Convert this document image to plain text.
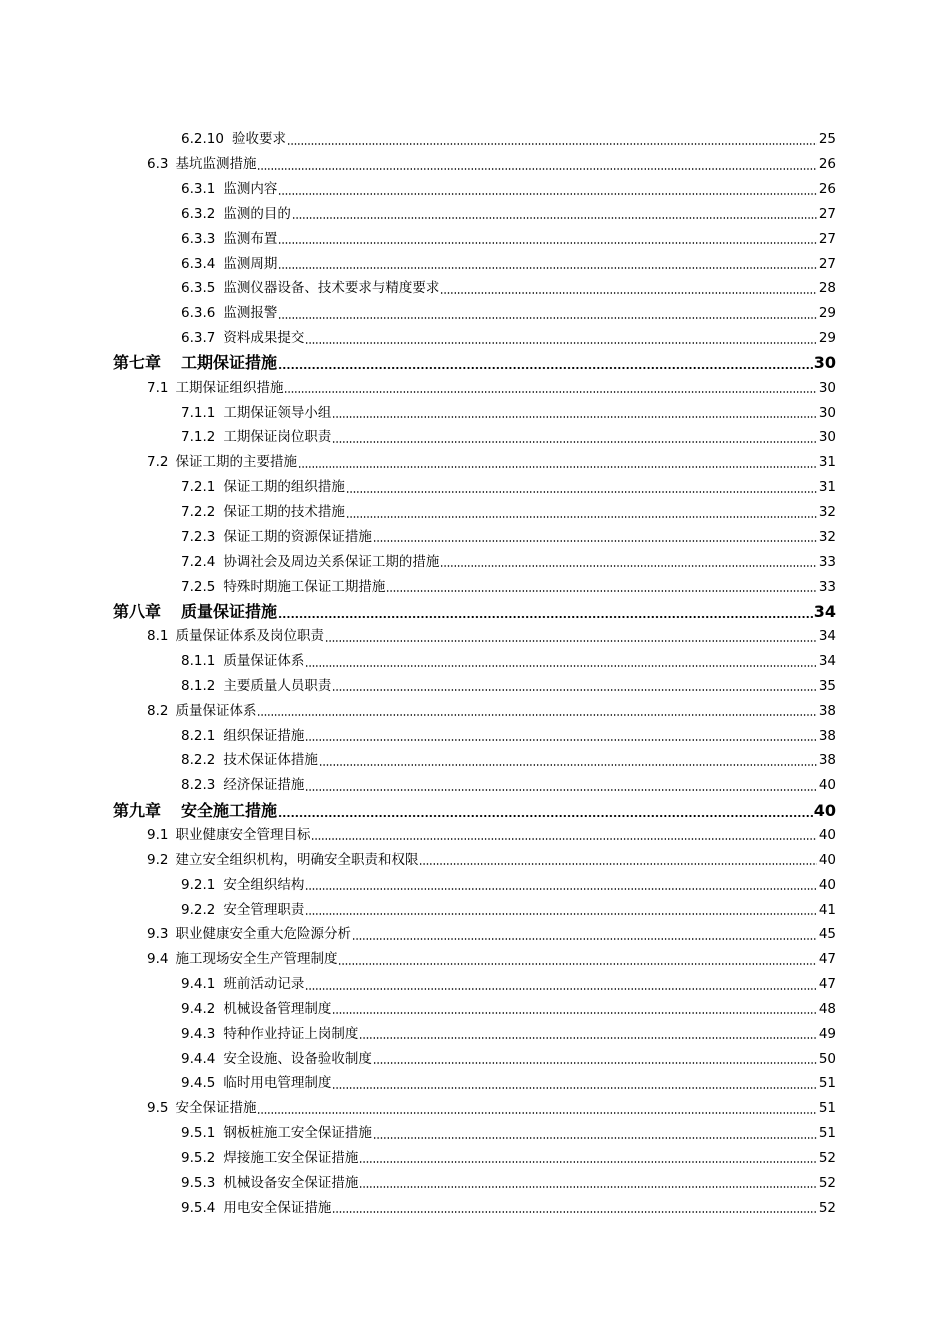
6.2.10 验收要求	25
6.3 基坑监测措施	26
6.3.1 监测内容	26
6.3.2 监测的目的	27
6.3.3 监测布置	27
6.3.4 监测周期	27
6.3.5 监测仪器设备、技术要求与精度要求	28
6.3.6 监测报警	29
6.3.7 资料成果提交	29
第七章 工期保证措施	30
7.1 工期保证组织措施	30
7.1.1 工期保证领导小组	30
7.1.2 工期保证岗位职责	30
7.2 保证工期的主要措施	31
7.2.1 保证工期的组织措施	31
7.2.2 保证工期的技术措施	32
7.2.3 保证工期的资源保证措施	32
7.2.4 协调社会及周边关系保证工期的措施	33
7.2.5 特殊时期施工保证工期措施	33
第八章 质量保证措施	34
8.1 质量保证体系及岗位职责	34
8.1.1 质量保证体系	34
8.1.2 主要质量人员职责	35
8.2 质量保证体系	38
8.2.1 组织保证措施	38
8.2.2 技术保证体措施	38
8.2.3 经济保证措施	40
第九章 安全施工措施	40
9.1 职业健康安全管理目标	40
9.2 建立安全组织机构，明确安全职责和权限	40
9.2.1 安全组织结构	40
9.2.2 安全管理职责	41
9.3 职业健康安全重大危险源分析	45
9.4 施工现场安全生产管理制度	47
9.4.1 班前活动记录	47
9.4.2 机械设备管理制度	48
9.4.3 特种作业持证上岗制度	49
9.4.4 安全设施、设备验收制度	50
9.4.5 临时用电管理制度	51
9.5 安全保证措施	51
9.5.1 钢板桩施工安全保证措施	51
9.5.2 焊接施工安全保证措施	52
9.5.3 机械设备安全保证措施	52
9.5.4 用电安全保证措施	52
